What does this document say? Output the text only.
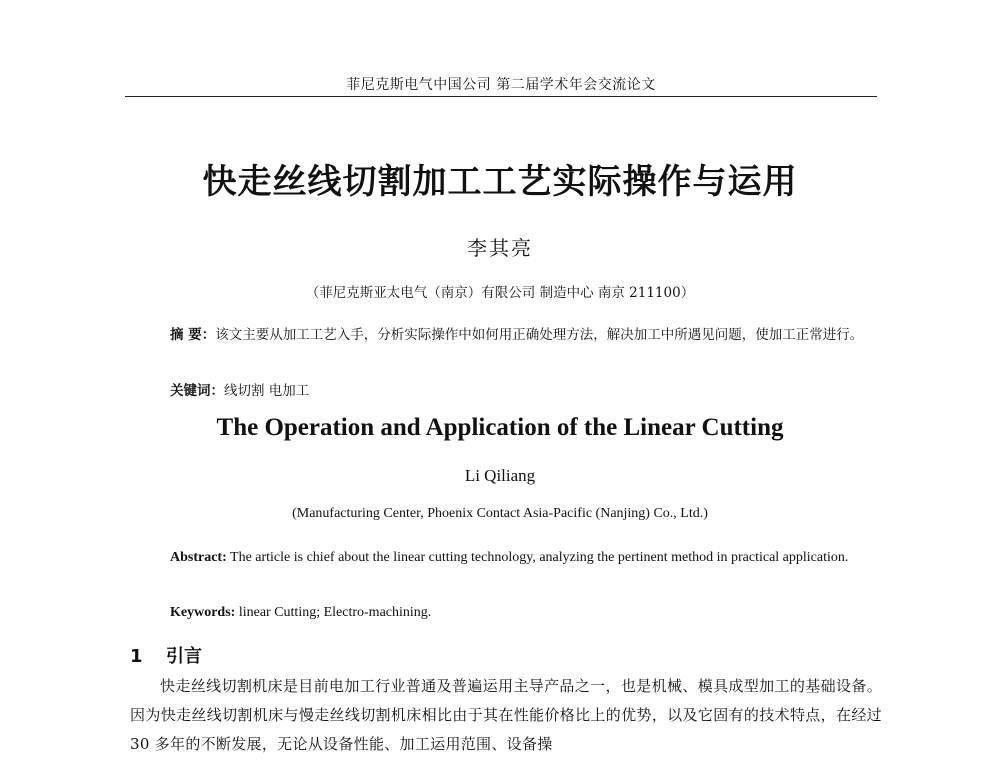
菲尼克斯电气中国公司 第二届学术年会交流论文
快走丝线切割加工工艺实际操作与运用
李其亮
（菲尼克斯亚太电气（南京）有限公司 制造中心 南京 211100）
摘 要：该文主要从加工工艺入手，分析实际操作中如何用正确处理方法，解决加工中所遇见问题，使加工正常进行。
关键词：线切割 电加工
The Operation and Application of the Linear Cutting
Li Qiliang
(Manufacturing Center, Phoenix Contact Asia-Pacific (Nanjing) Co., Ltd.)
Abstract: The article is chief about the linear cutting technology, analyzing the pertinent method in practical application.
Keywords: linear Cutting; Electro-machining.
1 引言
快走丝线切割机床是目前电加工行业普通及普遍运用主导产品之一，也是机械、模具成型加工的基础设备。因为快走丝线切割机床与慢走丝线切割机床相比由于其在性能价格比上的优势，以及它固有的技术特点，在经过 30 多年的不断发展，无论从设备性能、加工运用范围、设备操
